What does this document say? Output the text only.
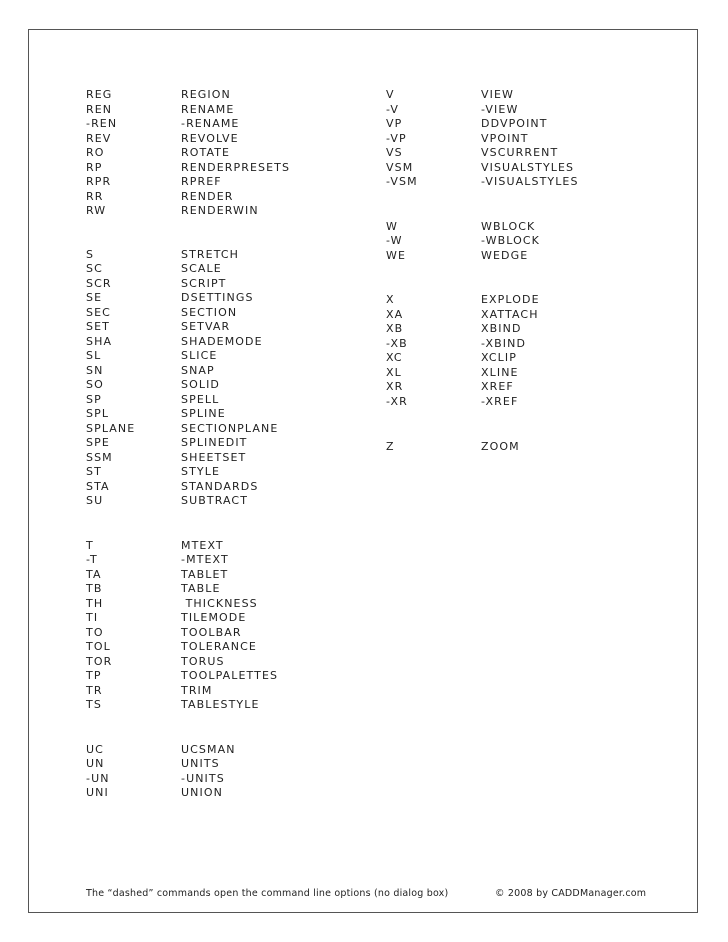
REG	REGION
REN	RENAME
-REN	-RENAME
REV	REVOLVE
RO	ROTATE
RP	RENDERPRESETS
RPR	RPREF
RR	RENDER
RW	RENDERWIN
S	STRETCH
SC	SCALE
SCR	SCRIPT
SE	DSETTINGS
SEC	SECTION
SET	SETVAR
SHA	SHADEMODE
SL	SLICE
SN	SNAP
SO	SOLID
SP	SPELL
SPL	SPLINE
SPLANE	SECTIONPLANE
SPE	SPLINEDIT
SSM	SHEETSET
ST	STYLE
STA	STANDARDS
SU	SUBTRACT
T	MTEXT
-T	-MTEXT
TA	TABLET
TB	TABLE
TH	THICKNESS
TI	TILEMODE
TO	TOOLBAR
TOL	TOLERANCE
TOR	TORUS
TP	TOOLPALETTES
TR	TRIM
TS	TABLESTYLE
UC	UCSMAN
UN	UNITS
-UN	-UNITS
UNI	UNION
V	VIEW
-V	-VIEW
VP	DDVPOINT
-VP	VPOINT
VS	VSCURRENT
VSM	VISUALSTYLES
-VSM	-VISUALSTYLES
W	WBLOCK
-W	-WBLOCK
WE	WEDGE
X	EXPLODE
XA	XATTACH
XB	XBIND
-XB	-XBIND
XC	XCLIP
XL	XLINE
XR	XREF
-XR	-XREF
Z	ZOOM
The “dashed” commands open the command line options (no dialog box)	© 2008 by CADDManager.com
